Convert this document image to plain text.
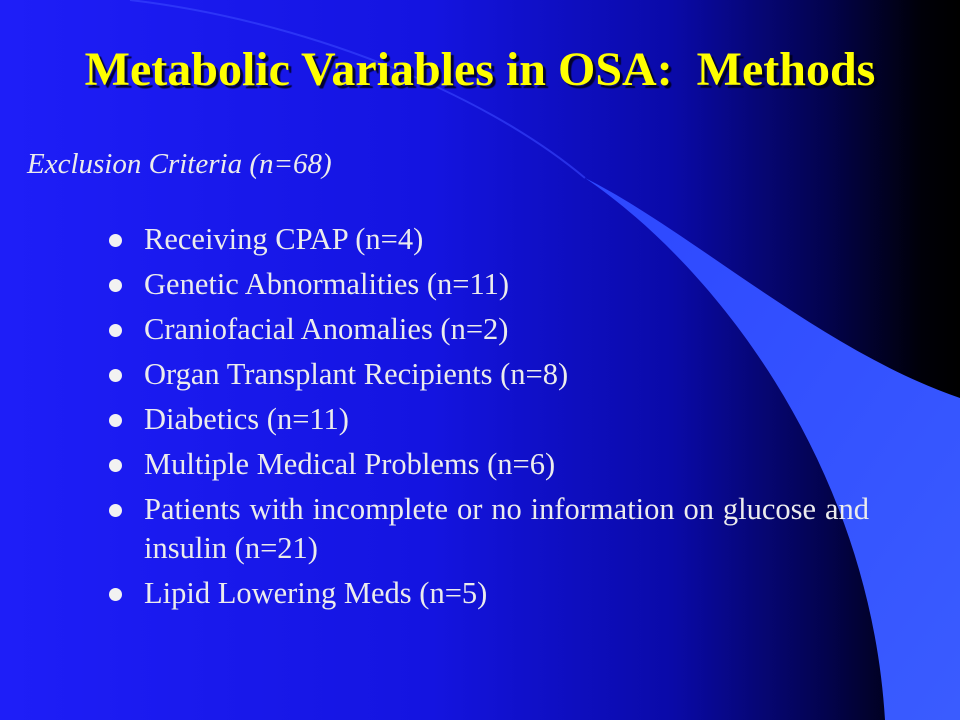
Metabolic Variables in OSA:  Methods

Exclusion Criteria (n=68)

Receiving CPAP (n=4)
Genetic Abnormalities (n=11)
Craniofacial Anomalies (n=2)
Organ Transplant Recipients (n=8)
Diabetics (n=11)
Multiple Medical Problems (n=6)
Patients with incomplete or no information on glucose and insulin (n=21)
Lipid Lowering Meds (n=5)
